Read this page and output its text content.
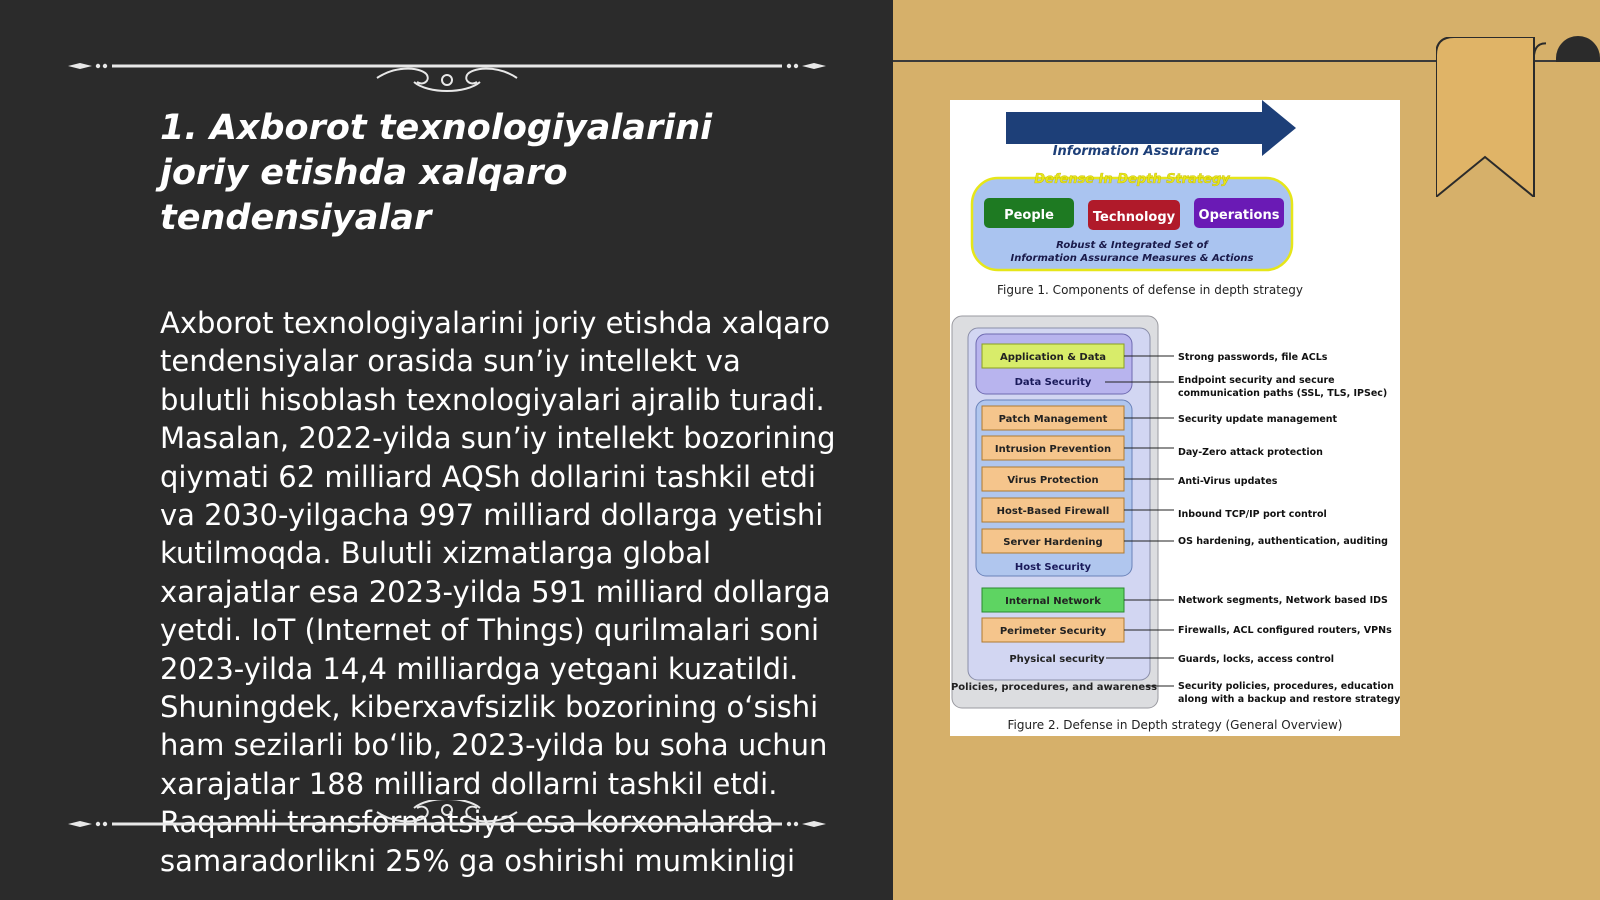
1. Axborot texnologiyalarini joriy etishda xalqaro tendensiyalar

Axborot texnologiyalarini joriy etishda xalqaro tendensiyalar orasida sun’iy intellekt va bulutli hisoblash texnologiyalari ajralib turadi. Masalan, 2022-yilda sun’iy intellekt bozorining qiymati 62 milliard AQSh dollarini tashkil etdi va 2030-yilgacha 997 milliard dollarga yetishi kutilmoqda. Bulutli xizmatlarga global xarajatlar esa 2023-yilda 591 milliard dollarga yetdi. IoT (Internet of Things) qurilmalari soni 2023-yilda 14,4 milliardga yetgani kuzatildi. Shuningdek, kiberxavfsizlik bozorining o‘sishi ham sezilarli bo‘lib, 2023-yilda bu soha uchun xarajatlar 188 milliard dollarni tashkil etdi. Raqamli transformatsiya esa korxonalarda samaradorlikni 25% ga oshirishi mumkinligi

Information Assurance
Defense In Depth Strategy
People	Technology Operations
Robust & Integrated Set of
Information Assurance Measures & Actions
Figure 1. Components of defense in depth strategy
Application & Data
Data Security
Patch Management
Intrusion Prevention
Virus Protection
Host-Based Firewall
Server Hardening
Host Security
Internal Network
Perimeter Security
Physical security
Policies, procedures, and awareness
Strong passwords, file ACLs
Endpoint security and secure
communication paths (SSL, TLS, IPSec)
Security update management
Day-Zero attack protection
Anti-Virus updates
Inbound TCP/IP port control
OS hardening, authentication, auditing
Network segments, Network based IDS
Firewalls, ACL configured routers, VPNs
Guards, locks, access control
Security policies, procedures, education
along with a backup and restore strategy
Figure 2. Defense in Depth strategy (General Overview)
